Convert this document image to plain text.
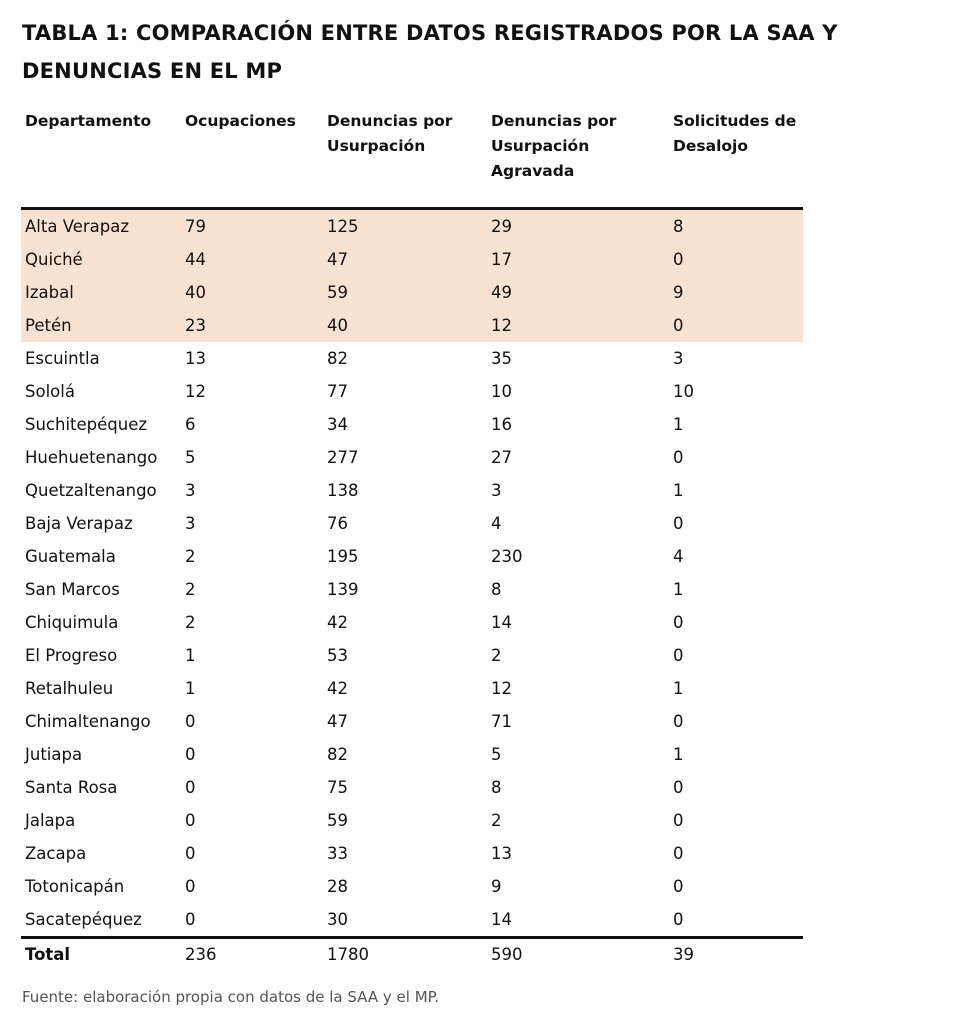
TABLA 1: COMPARACIÓN ENTRE DATOS REGISTRADOS POR LA SAA Y DENUNCIAS EN EL MP
Departamento	Ocupaciones	Denuncias por Usurpación	Denuncias por Usurpación Agravada	Solicitudes de Desalojo
Alta Verapaz	79	125	29	8
Quiché	44	47	17	0
Izabal	40	59	49	9
Petén	23	40	12	0
Escuintla	13	82	35	3
Sololá	12	77	10	10
Suchitepéquez	6	34	16	1
Huehuetenango	5	277	27	0
Quetzaltenango	3	138	3	1
Baja Verapaz	3	76	4	0
Guatemala	2	195	230	4
San Marcos	2	139	8	1
Chiquimula	2	42	14	0
El Progreso	1	53	2	0
Retalhuleu	1	42	12	1
Chimaltenango	0	47	71	0
Jutiapa	0	82	5	1
Santa Rosa	0	75	8	0
Jalapa	0	59	2	0
Zacapa	0	33	13	0
Totonicapán	0	28	9	0
Sacatepéquez	0	30	14	0
Total	236	1780	590	39

Fuente: elaboración propia con datos de la SAA y el MP.
